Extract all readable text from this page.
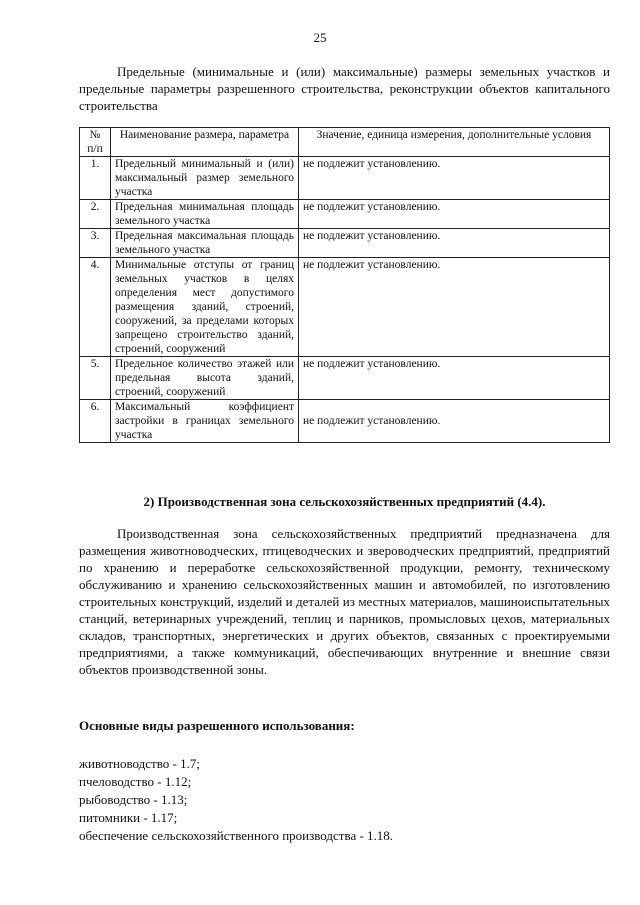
25
Предельные (минимальные и (или) максимальные) размеры земельных участков и предельные параметры разрешенного строительства, реконструкции объектов капитального строительства
№ п/п	Наименование размера, параметра	Значение, единица измерения, дополнительные условия
1.	Предельный минимальный и (или) максимальный размер земельного участка	не подлежит установлению.
2.	Предельная минимальная площадь земельного участка	не подлежит установлению.
3.	Предельная максимальная площадь земельного участка	не подлежит установлению.
4.	Минимальные отступы от границ земельных участков в целях определения мест допустимого размещения зданий, строений, сооружений, за пределами которых запрещено строительство зданий, строений, сооружений	не подлежит установлению.
5.	Предельное количество этажей или предельная высота зданий, строений, сооружений	не подлежит установлению.
6.	Максимальный коэффициент застройки в границах земельного участка	не подлежит установлению.
2) Производственная зона сельскохозяйственных предприятий (4.4).
Производственная зона сельскохозяйственных предприятий предназначена для размещения животноводческих, птицеводческих и звероводческих предприятий, предприятий по хранению и переработке сельскохозяйственной продукции, ремонту, техническому обслуживанию и хранению сельскохозяйственных машин и автомобилей, по изготовлению строительных конструкций, изделий и деталей из местных материалов, машиноиспытательных станций, ветеринарных учреждений, теплиц и парников, промысловых цехов, материальных складов, транспортных, энергетических и других объектов, связанных с проектируемыми предприятиями, а также коммуникаций, обеспечивающих внутренние и внешние связи объектов производственной зоны.
Основные виды разрешенного использования:
животноводство - 1.7;
пчеловодство - 1.12;
рыбоводство - 1.13;
питомники - 1.17;
обеспечение сельскохозяйственного производства - 1.18.
